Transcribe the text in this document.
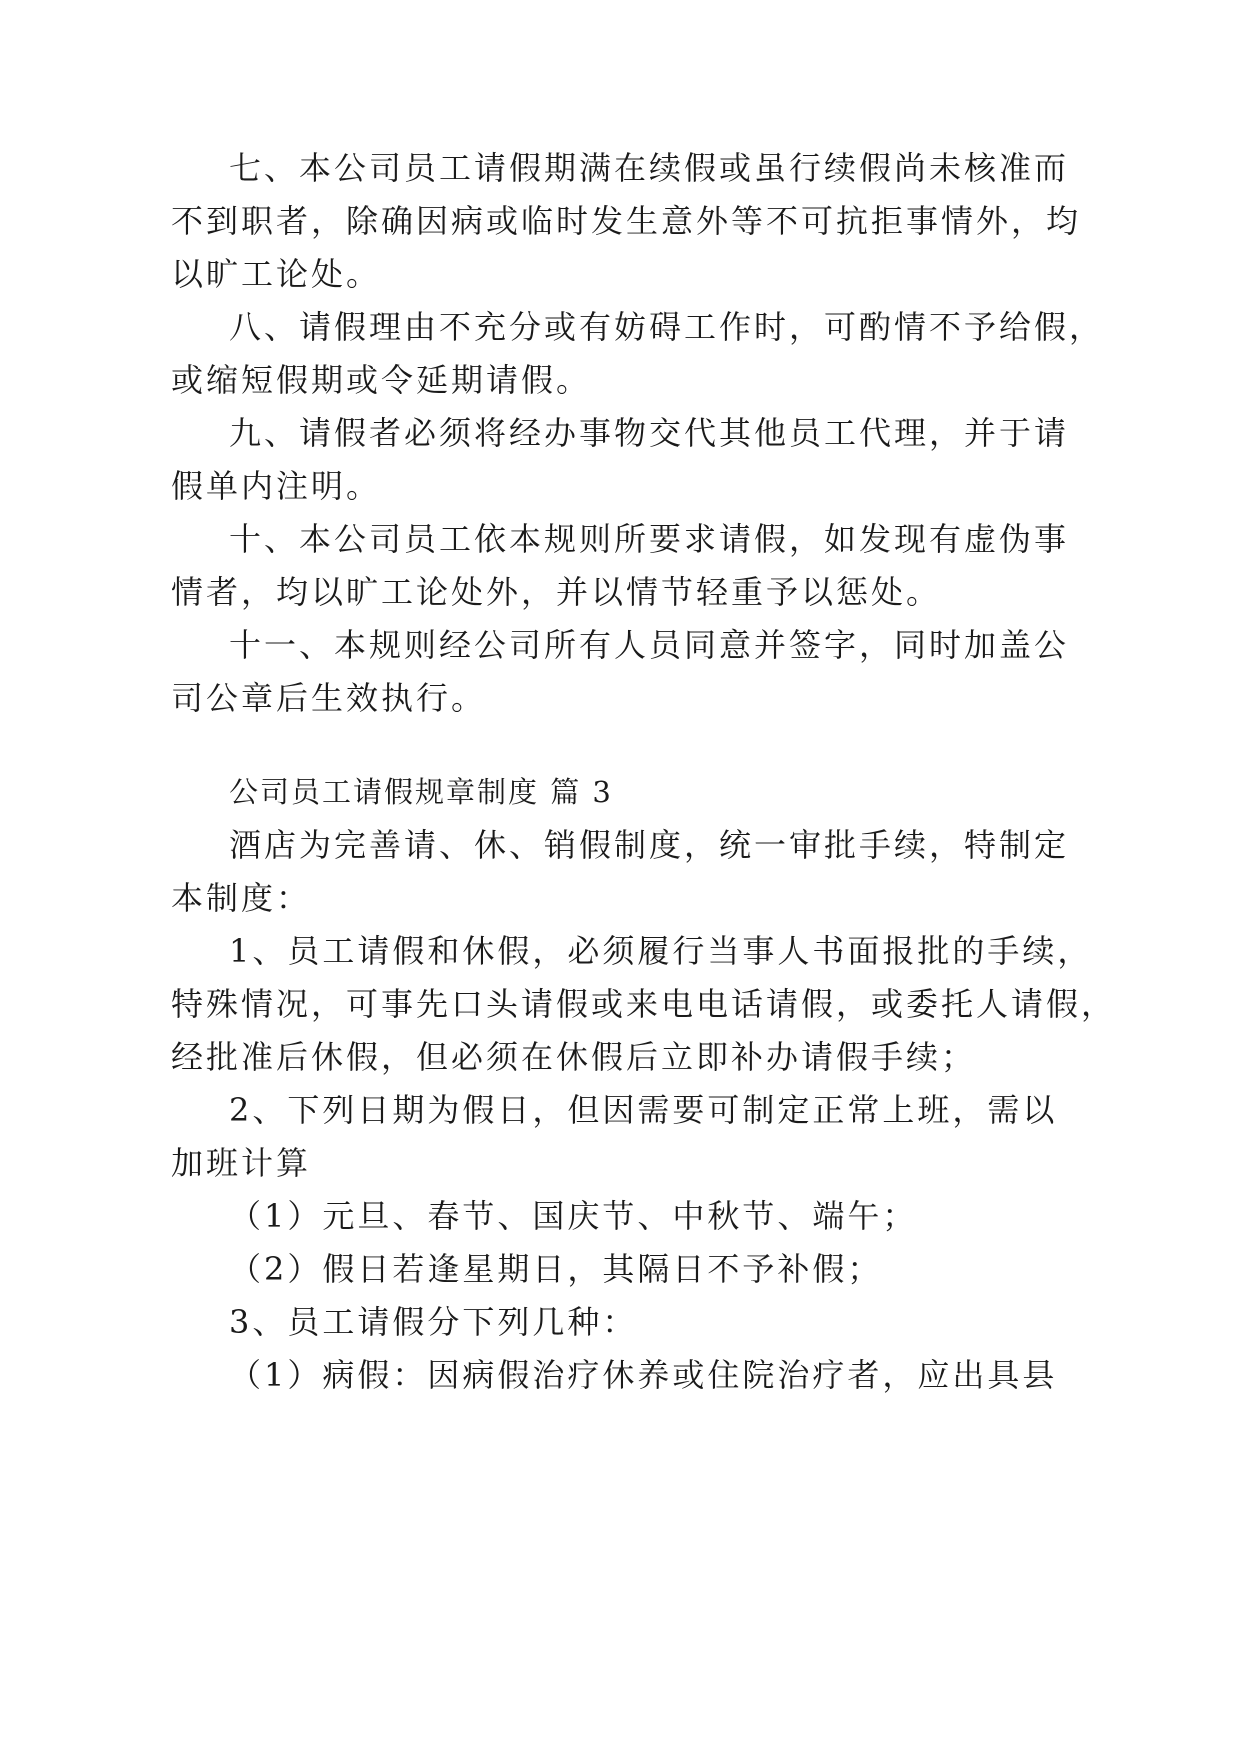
七、本公司员工请假期满在续假或虽行续假尚未核准而
不到职者，除确因病或临时发生意外等不可抗拒事情外，均
以旷工论处。
八、请假理由不充分或有妨碍工作时，可酌情不予给假，
或缩短假期或令延期请假。
九、请假者必须将经办事物交代其他员工代理，并于请
假单内注明。
十、本公司员工依本规则所要求请假，如发现有虚伪事
情者，均以旷工论处外，并以情节轻重予以惩处。
十一、本规则经公司所有人员同意并签字，同时加盖公
司公章后生效执行。
公司员工请假规章制度 篇 3
酒店为完善请、休、销假制度，统一审批手续，特制定
本制度：
1、员工请假和休假，必须履行当事人书面报批的手续，
特殊情况，可事先口头请假或来电电话请假，或委托人请假，
经批准后休假，但必须在休假后立即补办请假手续；
2、下列日期为假日，但因需要可制定正常上班，需以
加班计算
（1）元旦、春节、国庆节、中秋节、端午；
（2）假日若逢星期日，其隔日不予补假；
3、员工请假分下列几种：
（1）病假：因病假治疗休养或住院治疗者，应出具县
